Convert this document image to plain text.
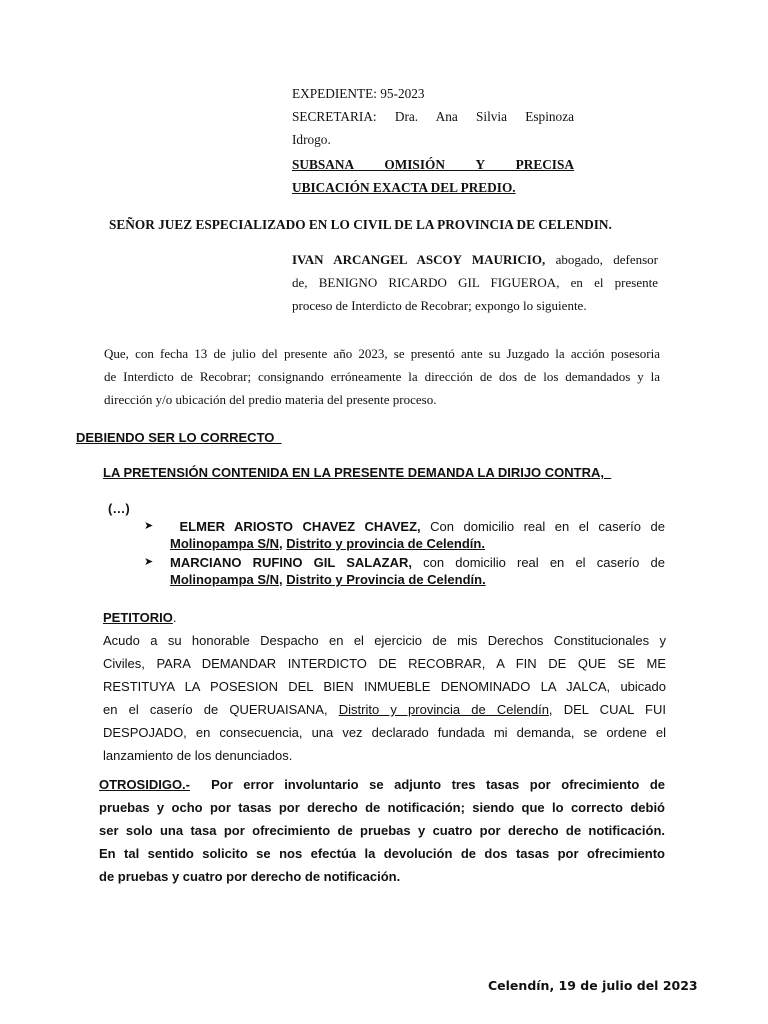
EXPEDIENTE: 95-2023
SECRETARIA: Dra. Ana Silvia Espinoza
Idrogo.
SUBSANA OMISIÓN Y PRECISA
UBICACIÓN EXACTA DEL PREDIO.
SEÑOR JUEZ ESPECIALIZADO EN LO CIVIL DE LA PROVINCIA DE CELENDIN.
IVAN ARCANGEL ASCOY MAURICIO, abogado, defensor
de, BENIGNO RICARDO GIL FIGUEROA, en el presente
proceso de Interdicto de Recobrar; expongo lo siguiente.
Que, con fecha 13 de julio del presente año 2023, se presentó ante su Juzgado la acción posesoria
de Interdicto de Recobrar; consignando erróneamente la dirección de dos de los demandados y la
dirección y/o ubicación del predio materia del presente proceso.
DEBIENDO SER LO CORRECTO
LA PRETENSIÓN CONTENIDA EN LA PRESENTE DEMANDA LA DIRIJO CONTRA,
(…)
➤ ELMER ARIOSTO CHAVEZ CHAVEZ, Con domicilio real en el caserío de
Molinopampa S/N, Distrito y provincia de Celendín.
➤ MARCIANO RUFINO GIL SALAZAR, con domicilio real en el caserío de
Molinopampa S/N, Distrito y Provincia de Celendín.
PETITORIO.
Acudo a su honorable Despacho en el ejercicio de mis Derechos Constitucionales y
Civiles, PARA DEMANDAR INTERDICTO DE RECOBRAR, A FIN DE QUE SE ME
RESTITUYA LA POSESION DEL BIEN INMUEBLE DENOMINADO LA JALCA, ubicado
en el caserío de QUERUAISANA, Distrito y provincia de Celendín, DEL CUAL FUI
DESPOJADO, en consecuencia, una vez declarado fundada mi demanda, se ordene el
lanzamiento de los denunciados.
OTROSIDIGO.-  Por error involuntario se adjunto tres tasas por ofrecimiento de
pruebas y ocho por tasas por derecho de notificación; siendo que lo correcto debió
ser solo una tasa por ofrecimiento de pruebas y cuatro por derecho de notificación.
En tal sentido solicito se nos efectúa la devolución de dos tasas por ofrecimiento
de pruebas y cuatro por derecho de notificación.
Celendín, 19 de julio del 2023
